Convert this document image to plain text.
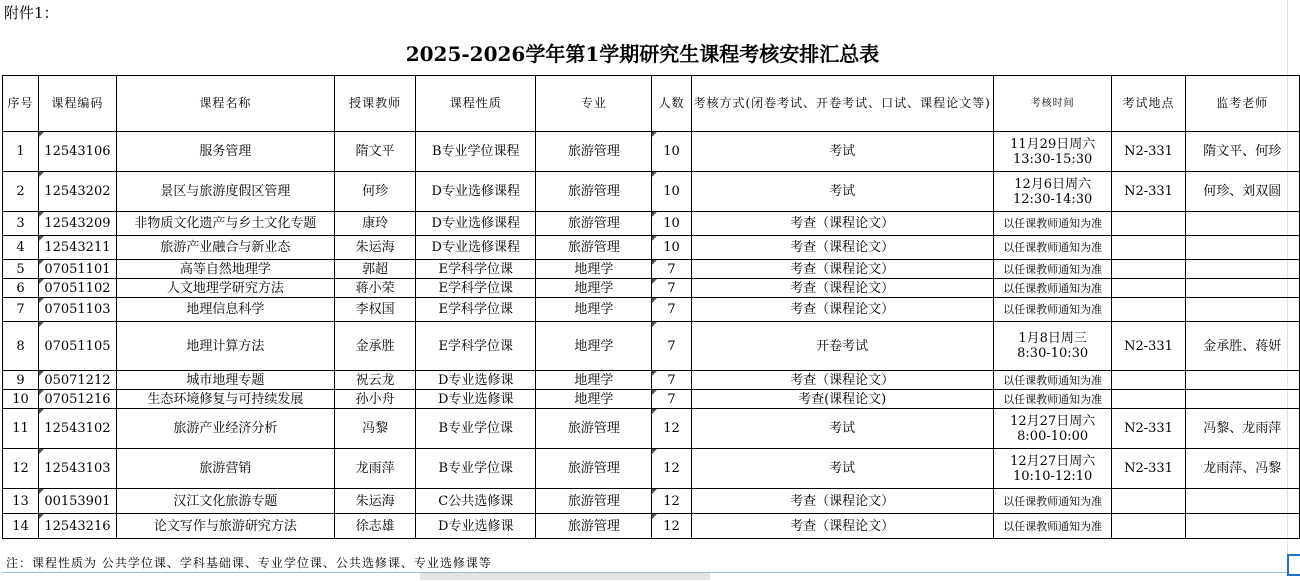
附件1：
2025-2026学年第1学期研究生课程考核安排汇总表
序号	课程编码	课程名称	授课教师	课程性质	专业	人数	考核方式(闭卷考试、开卷考试、口试、课程论文等)	考核时间	考试地点	监考老师
1	12543106	服务管理	隋文平	B专业学位课程	旅游管理	10	考试	11月29日周六
13:30-15:30	N2-331	隋文平、何珍
2	12543202	景区与旅游度假区管理	何珍	D专业选修课程	旅游管理	10	考试	12月6日周六
12:30-14:30	N2-331	何珍、刘双圆
3	12543209	非物质文化遗产与乡土文化专题	康玲	D专业选修课程	旅游管理	10	考查（课程论文）	以任课教师通知为准		
4	12543211	旅游产业融合与新业态	朱运海	D专业选修课程	旅游管理	10	考查（课程论文）	以任课教师通知为准		
5	07051101	高等自然地理学	郭超	E学科学位课	地理学	7	考查（课程论文）	以任课教师通知为准		
6	07051102	人文地理学研究方法	蒋小荣	E学科学位课	地理学	7	考查（课程论文）	以任课教师通知为准		
7	07051103	地理信息科学	李权国	E学科学位课	地理学	7	考查（课程论文）	以任课教师通知为准		
8	07051105	地理计算方法	金承胜	E学科学位课	地理学	7	开卷考试	1月8日周三
8:30-10:30	N2-331	金承胜、蒋妍
9	05071212	城市地理专题	祝云龙	D专业选修课	地理学	7	考查（课程论文）	以任课教师通知为准		
10	07051216	生态环境修复与可持续发展	孙小舟	D专业选修课	地理学	7	考查(课程论文)	以任课教师通知为准		
11	12543102	旅游产业经济分析	冯黎	B专业学位课	旅游管理	12	考试	12月27日周六
8:00-10:00	N2-331	冯黎、龙雨萍
12	12543103	旅游营销	龙雨萍	B专业学位课	旅游管理	12	考试	12月27日周六
10:10-12:10	N2-331	龙雨萍、冯黎
13	00153901	汉江文化旅游专题	朱运海	C公共选修课	旅游管理	12	考查（课程论文）	以任课教师通知为准		
14	12543216	论文写作与旅游研究方法	徐志雄	D专业选修课	旅游管理	12	考查（课程论文）	以任课教师通知为准		
注：课程性质为 公共学位课、学科基础课、专业学位课、公共选修课、专业选修课等
